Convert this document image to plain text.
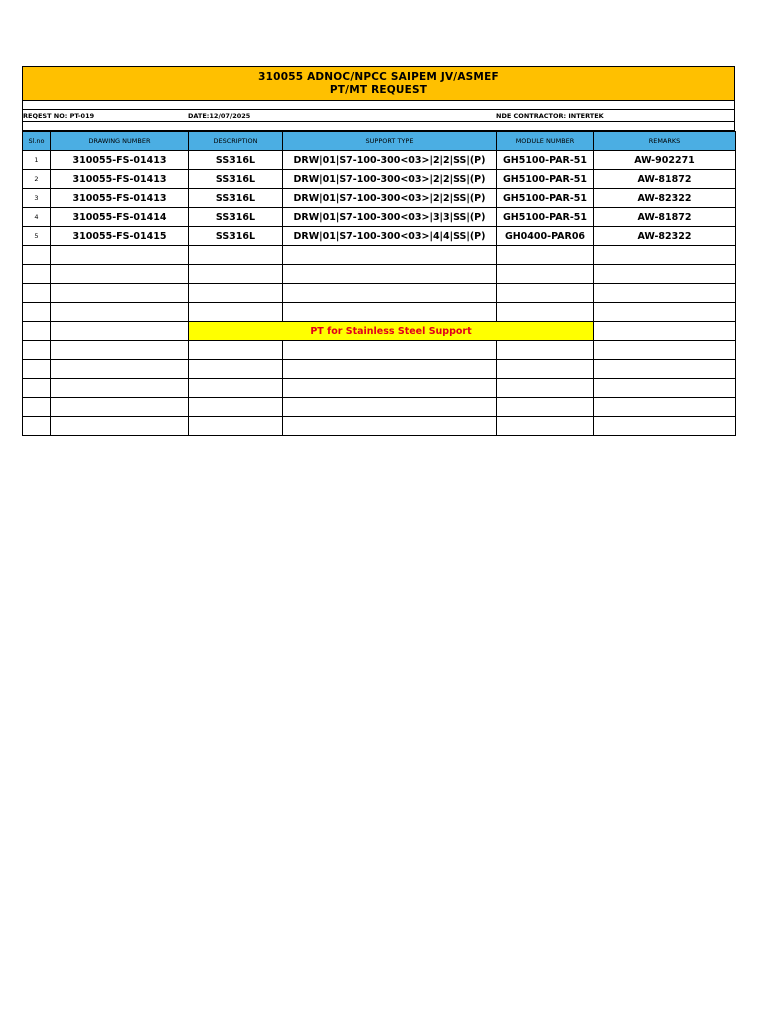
310055 ADNOC/NPCC SAIPEM JV/ASMEF
PT/MT REQUEST
REQEST NO: PT-019	DATE:12/07/2025	NDE CONTRACTOR: INTERTEK
Sl.no	DRAWING NUMBER	DESCRIPTION	SUPPORT TYPE	MODULE NUMBER	REMARKS
1	310055-FS-01413	SS316L	DRW|01|S7-100-300<03>|2|2|SS|(P)	GH5100-PAR-51	AW-902271
2	310055-FS-01413	SS316L	DRW|01|S7-100-300<03>|2|2|SS|(P)	GH5100-PAR-51	AW-81872
3	310055-FS-01413	SS316L	DRW|01|S7-100-300<03>|2|2|SS|(P)	GH5100-PAR-51	AW-82322
4	310055-FS-01414	SS316L	DRW|01|S7-100-300<03>|3|3|SS|(P)	GH5100-PAR-51	AW-81872
5	310055-FS-01415	SS316L	DRW|01|S7-100-300<03>|4|4|SS|(P)	GH0400-PAR06	AW-82322

		PT for Stainless Steel Support			
